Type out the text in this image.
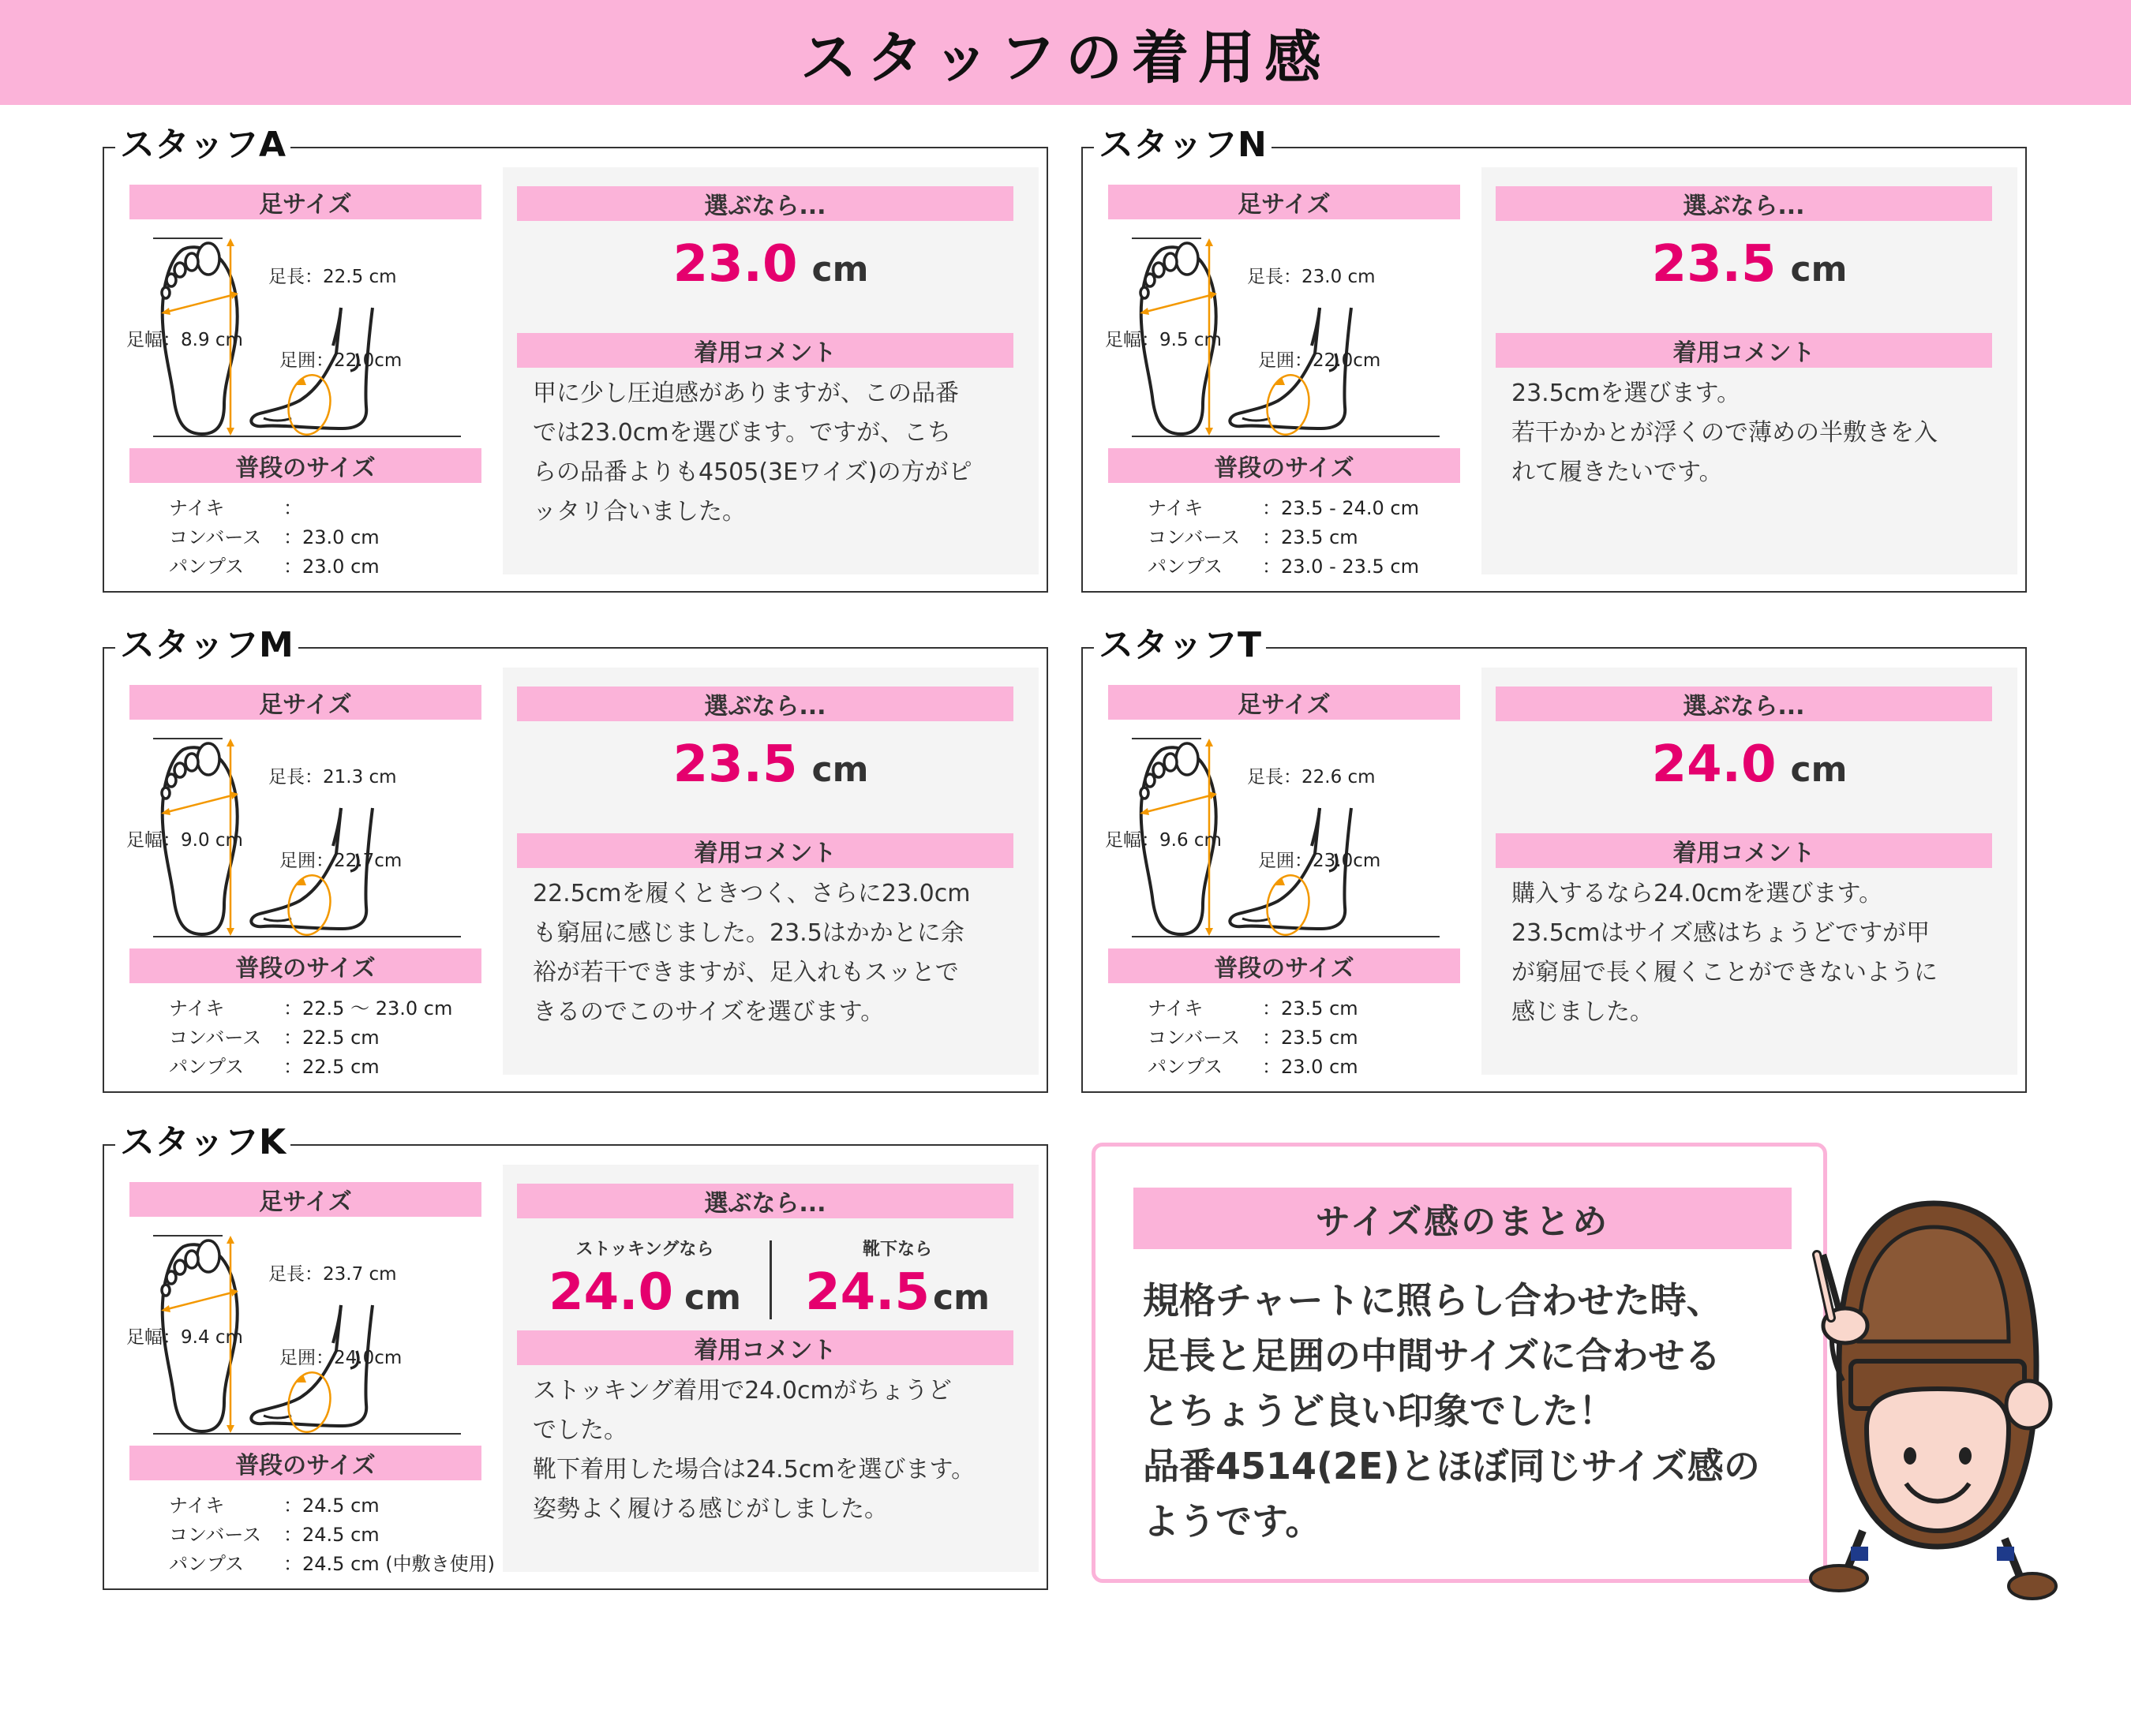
スタッフの着用感
スタッフA
足サイズ
足長：22.5 cm
足幅：8.9 cm
足囲：22.0cm
普段のサイズ
ナイキ	：
コンバース	： 23.0 cm
パンプス	： 23.0 cm
選ぶなら...
23.0 cm
着用コメント
甲に少し圧迫感がありますが、この品番
では23.0cmを選びます。ですが、こち
らの品番よりも4505(3Eワイズ)の方がピ
ッタリ合いました。
スタッフN
足サイズ
足長：23.0 cm
足幅：9.5 cm
足囲：22.0cm
普段のサイズ
ナイキ	： 23.5 - 24.0 cm
コンバース	： 23.5 cm
パンプス	： 23.0 - 23.5 cm
選ぶなら...
23.5 cm
着用コメント
23.5cmを選びます。
若干かかとが浮くので薄めの半敷きを入
れて履きたいです。
スタッフM
足サイズ
足長：21.3 cm
足幅：9.0 cm
足囲：22.7cm
普段のサイズ
ナイキ	： 22.5 ～ 23.0 cm
コンバース	： 22.5 cm
パンプス	： 22.5 cm
選ぶなら...
23.5 cm
着用コメント
22.5cmを履くときつく、さらに23.0cm
も窮屈に感じました。23.5はかかとに余
裕が若干できますが、足入れもスッとで
きるのでこのサイズを選びます。
スタッフT
足サイズ
足長：22.6 cm
足幅：9.6 cm
足囲：23.0cm
普段のサイズ
ナイキ	： 23.5 cm
コンバース	： 23.5 cm
パンプス	： 23.0 cm
選ぶなら...
24.0 cm
着用コメント
購入するなら24.0cmを選びます。
23.5cmはサイズ感はちょうどですが甲
が窮屈で長く履くことができないように
感じました。
スタッフK
足サイズ
足長：23.7 cm
足幅：9.4 cm
足囲：24.0cm
普段のサイズ
ナイキ	： 24.5 cm
コンバース	： 24.5 cm
パンプス	： 24.5 cm (中敷き使用)
選ぶなら...
ストッキングなら
24.0 cm
靴下なら
24.5 cm
着用コメント
ストッキング着用で24.0cmがちょうど
でした。
靴下着用した場合は24.5cmを選びます。
姿勢よく履ける感じがしました。
サイズ感のまとめ
規格チャートに照らし合わせた時、
足長と足囲の中間サイズに合わせる
とちょうど良い印象でした！
品番4514(2E)とほぼ同じサイズ感の
ようです。
